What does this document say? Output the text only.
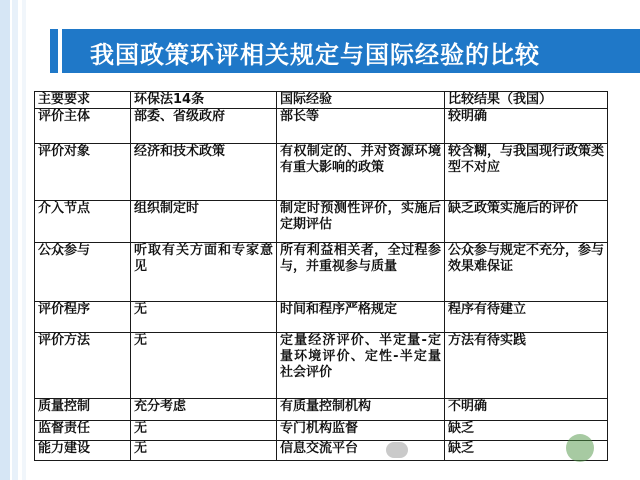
我国政策环评相关规定与国际经验的比较
主要要求	环保法14条	国际经验	比较结果（我国）
评价主体	部委、省级政府	部长等	较明确
评价对象	经济和技术政策	有权制定的、并对资源环境有重大影响的政策	较含糊，与我国现行政策类型不对应
介入节点	组织制定时	制定时预测性评价，实施后定期评估	缺乏政策实施后的评价
公众参与	听取有关方面和专家意见	所有利益相关者，全过程参与，并重视参与质量	公众参与规定不充分，参与效果难保证
评价程序	无	时间和程序严格规定	程序有待建立
评价方法	无	定量经济评价、半定量-定量环境评价、定性-半定量社会评价	方法有待实践
质量控制	充分考虑	有质量控制机构	不明确
监督责任	无	专门机构监督	缺乏
能力建设	无	信息交流平台	缺乏
